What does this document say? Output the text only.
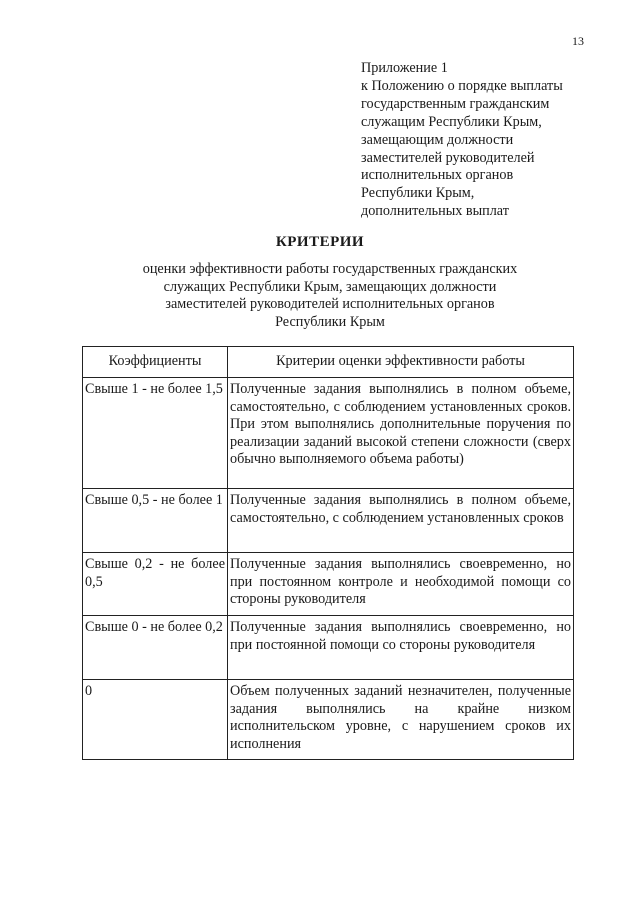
13
Приложение 1
к Положению о порядке выплаты
государственным гражданским
служащим Республики Крым,
замещающим должности
заместителей руководителей
исполнительных органов
Республики Крым,
дополнительных выплат
КРИТЕРИИ
оценки эффективности работы государственных гражданских
служащих Республики Крым, замещающих должности
заместителей руководителей исполнительных органов
Республики Крым
Коэффициенты	Критерии оценки эффективности работы
Свыше 1 - не более 1,5	Полученные задания выполнялись в полном объеме, самостоятельно, с соблюдением установленных сроков. При этом выполнялись дополнительные поручения по реализации заданий высокой степени сложности (сверх обычно выполняемого объема работы)
Свыше 0,5 - не более 1	Полученные задания выполнялись в полном объеме, самостоятельно, с соблюдением установленных сроков
Свыше 0,2 - не более 0,5	Полученные задания выполнялись своевременно, но при постоянном контроле и необходимой помощи со стороны руководителя
Свыше 0 - не более 0,2	Полученные задания выполнялись своевременно, но при постоянной помощи со стороны руководителя
0	Объем полученных заданий незначителен, полученные задания выполнялись на крайне низком исполнительском уровне, с нарушением сроков их исполнения
